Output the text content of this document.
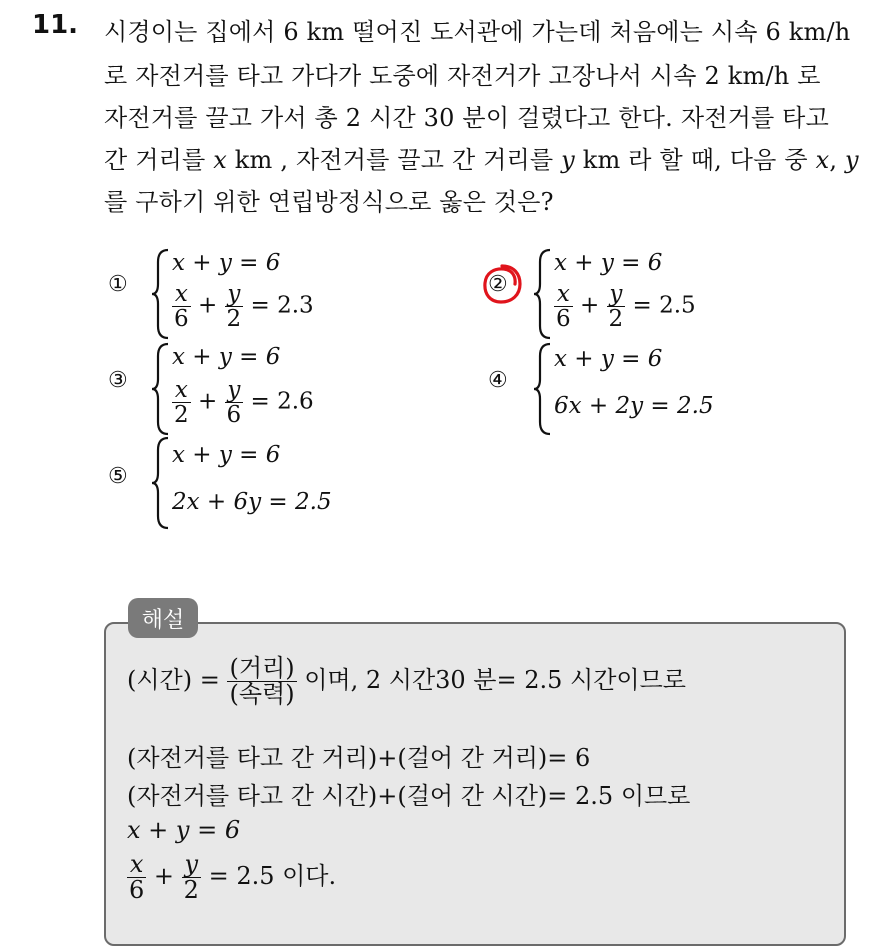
11. 시경이는 집에서 6 km 떨어진 도서관에 가는데 처음에는 시속 6 km/h
로 자전거를 타고 가다가 도중에 자전거가 고장나서 시속 2 km/h 로
자전거를 끌고 가서 총 2 시간 30 분이 걸렸다고 한다. 자전거를 타고
간 거리를 x km , 자전거를 끌고 간 거리를 y km 라 할 때, 다음 중 x, y
를 구하기 위한 연립방정식으로 옳은 것은?
①
x + y = 6
$\frac{x}{6} + \frac{y}{2} = 2.3$
②
x + y = 6
$\frac{x}{6} + \frac{y}{2} = 2.5$
③
x + y = 6
$\frac{x}{2} + \frac{y}{6} = 2.6$
④
x + y = 6
6x + 2y = 2.5
⑤
x + y = 6
2x + 6y = 2.5
해설
(시간) = $\frac{\text{(거리)}}{\text{(속력)}}$ 이며, 2 시간30 분= 2.5 시간이므로
(자전거를 타고 간 거리)+(걸어 간 거리)= 6
(자전거를 타고 간 시간)+(걸어 간 시간)= 2.5 이므로
x + y = 6
$\frac{x}{6} + \frac{y}{2} = 2.5$ 이다.
